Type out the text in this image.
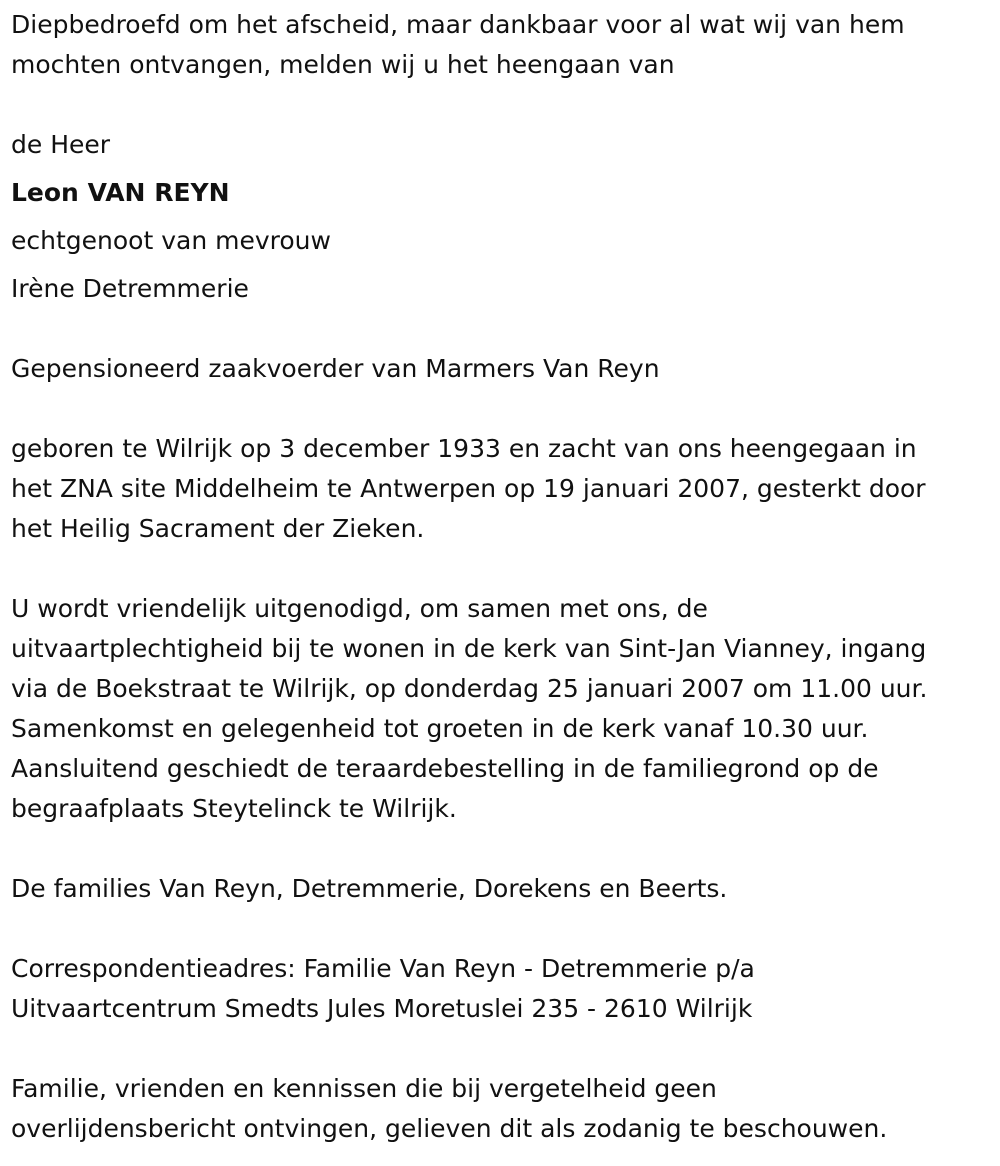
Diepbedroefd om het afscheid, maar dankbaar voor al wat wij van hem
mochten ontvangen, melden wij u het heengaan van
de Heer
Leon VAN REYN
echtgenoot van mevrouw
Irène Detremmerie
Gepensioneerd zaakvoerder van Marmers Van Reyn
geboren te Wilrijk op 3 december 1933 en zacht van ons heengegaan in
het ZNA site Middelheim te Antwerpen op 19 januari 2007, gesterkt door
het Heilig Sacrament der Zieken.
U wordt vriendelijk uitgenodigd, om samen met ons, de
uitvaartplechtigheid bij te wonen in de kerk van Sint-Jan Vianney, ingang
via de Boekstraat te Wilrijk, op donderdag 25 januari 2007 om 11.00 uur.
Samenkomst en gelegenheid tot groeten in de kerk vanaf 10.30 uur.
Aansluitend geschiedt de teraardebestelling in de familiegrond op de
begraafplaats Steytelinck te Wilrijk.
De families Van Reyn, Detremmerie, Dorekens en Beerts.
Correspondentieadres: Familie Van Reyn - Detremmerie p/a
Uitvaartcentrum Smedts Jules Moretuslei 235 - 2610 Wilrijk
Familie, vrienden en kennissen die bij vergetelheid geen
overlijdensbericht ontvingen, gelieven dit als zodanig te beschouwen.
